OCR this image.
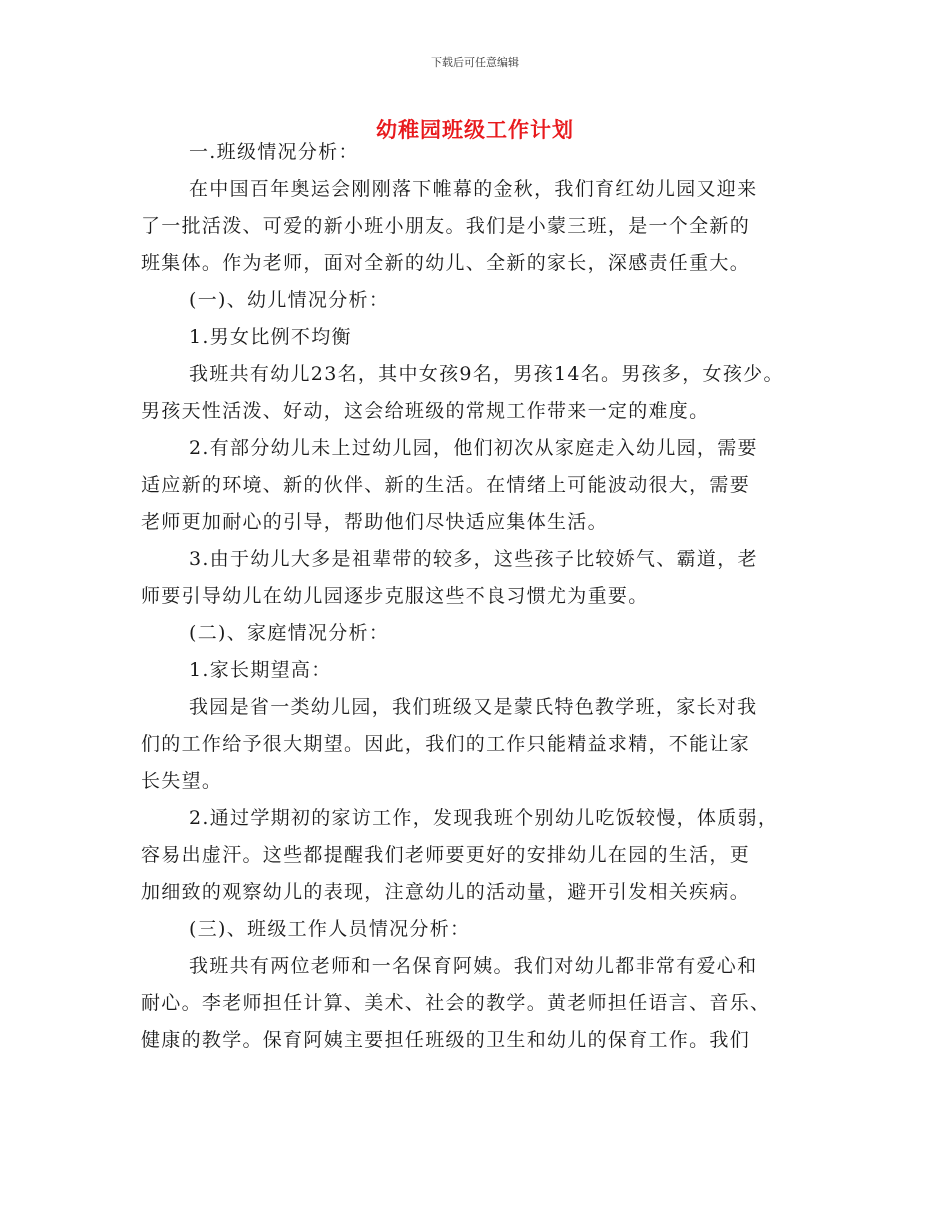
下载后可任意编辑
幼稚园班级工作计划
一.班级情况分析：
在中国百年奥运会刚刚落下帷幕的金秋，我们育红幼儿园又迎来
了一批活泼、可爱的新小班小朋友。我们是小蒙三班，是一个全新的
班集体。作为老师，面对全新的幼儿、全新的家长，深感责任重大。
(一)、幼儿情况分析：
1.男女比例不均衡
我班共有幼儿23名，其中女孩9名，男孩14名。男孩多，女孩少。
男孩天性活泼、好动，这会给班级的常规工作带来一定的难度。
2.有部分幼儿未上过幼儿园，他们初次从家庭走入幼儿园，需要
适应新的环境、新的伙伴、新的生活。在情绪上可能波动很大，需要
老师更加耐心的引导，帮助他们尽快适应集体生活。
3.由于幼儿大多是祖辈带的较多，这些孩子比较娇气、霸道，老
师要引导幼儿在幼儿园逐步克服这些不良习惯尤为重要。
(二)、家庭情况分析：
1.家长期望高：
我园是省一类幼儿园，我们班级又是蒙氏特色教学班，家长对我
们的工作给予很大期望。因此，我们的工作只能精益求精，不能让家
长失望。
2.通过学期初的家访工作，发现我班个别幼儿吃饭较慢，体质弱，
容易出虚汗。这些都提醒我们老师要更好的安排幼儿在园的生活，更
加细致的观察幼儿的表现，注意幼儿的活动量，避开引发相关疾病。
(三)、班级工作人员情况分析：
我班共有两位老师和一名保育阿姨。我们对幼儿都非常有爱心和
耐心。李老师担任计算、美术、社会的教学。黄老师担任语言、音乐、
健康的教学。保育阿姨主要担任班级的卫生和幼儿的保育工作。我们
